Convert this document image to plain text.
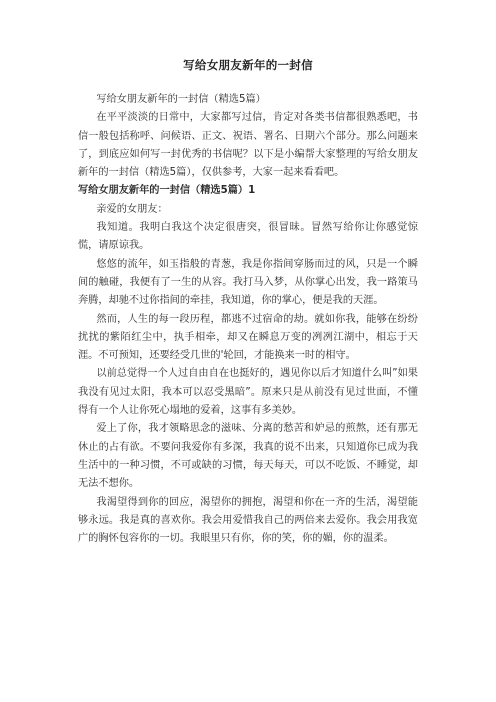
写给女朋友新年的一封信

写给女朋友新年的一封信（精选5篇）

在平平淡淡的日常中，大家都写过信，肯定对各类书信都很熟悉吧，书信一般包括称呼、问候语、正文、祝语、署名、日期六个部分。那么问题来了，到底应如何写一封优秀的书信呢？以下是小编帮大家整理的写给女朋友新年的一封信（精选5篇），仅供参考，大家一起来看看吧。

写给女朋友新年的一封信（精选5篇）1

亲爱的女朋友：

我知道。我明白我这个决定很唐突，很冒昧。冒然写给你让你感觉惊慌，请原谅我。

悠悠的流年，如玉指般的青葱，我是你指间穿肠而过的风，只是一个瞬间的触碰，我便有了一生的从容。我打马入梦，从你掌心出发，我一路策马奔腾，却驰不过你指间的牵挂，我知道，你的掌心，便是我的天涯。

然而，人生的每一段历程，都逃不过宿命的劫。就如你我，能够在纷纷扰扰的紫陌红尘中，执手相牵，却又在瞬息万变的冽冽江湖中，相忘于天涯。不可预知，还要经受几世的'轮回，才能换来一时的相守。

以前总觉得一个人过自由自在也挺好的，遇见你以后才知道什么叫”如果我没有见过太阳，我本可以忍受黑暗”。原来只是从前没有见过世面，不懂得有一个人让你死心塌地的爱着，这事有多美妙。

爱上了你，我才领略思念的滋味、分离的愁苦和妒忌的煎熬，还有那无休止的占有欲。不要问我爱你有多深，我真的说不出来，只知道你已成为我生活中的一种习惯，不可或缺的习惯，每天每天，可以不吃饭、不睡觉，却无法不想你。

我渴望得到你的回应，渴望你的拥抱，渴望和你在一齐的生活，渴望能够永远。我是真的喜欢你。我会用爱惜我自己的两倍来去爱你。我会用我宽广的胸怀包容你的一切。我眼里只有你，你的笑，你的媚，你的温柔。
